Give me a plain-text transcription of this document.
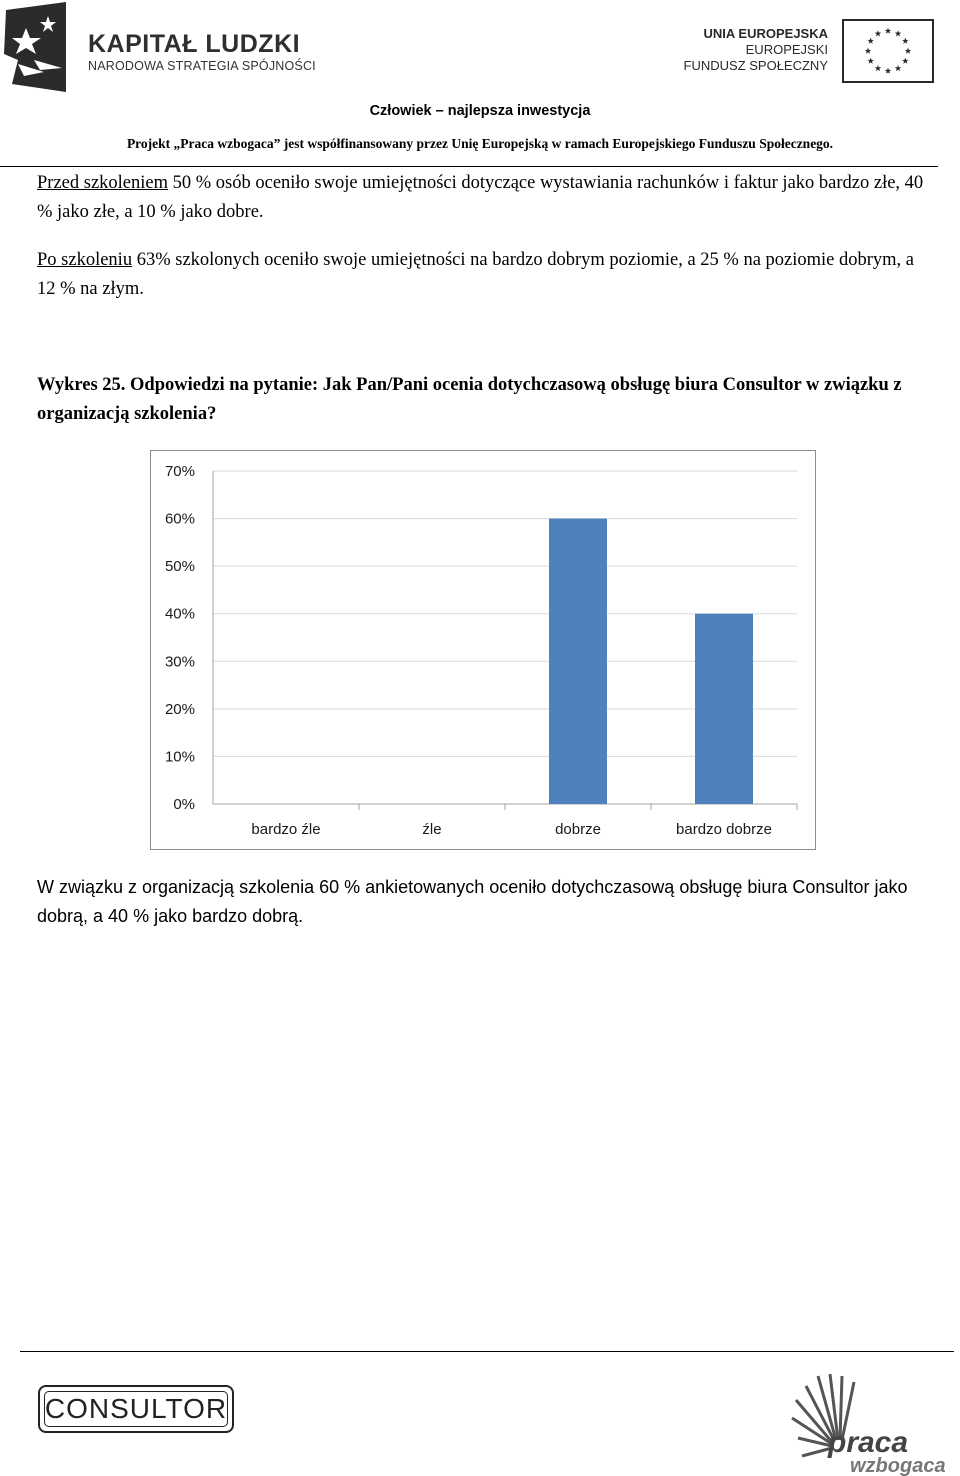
KAPITAŁ LUDZKI
NARODOWA STRATEGIA SPÓJNOŚCI
UNIA EUROPEJSKA
EUROPEJSKI
FUNDUSZ SPOŁECZNY
Człowiek – najlepsza inwestycja
Projekt „Praca wzbogaca” jest współfinansowany przez Unię Europejską w ramach Europejskiego Funduszu Społecznego.

Przed szkoleniem 50 % osób oceniło swoje umiejętności dotyczące wystawiania rachunków i faktur jako bardzo złe, 40 % jako złe, a 10 % jako dobre.

Po szkoleniu 63% szkolonych oceniło swoje umiejętności na bardzo dobrym poziomie, a 25 % na poziomie dobrym, a 12 % na złym.

Wykres 25. Odpowiedzi na pytanie: Jak Pan/Pani ocenia dotychczasową obsługę biura Consultor w związku z organizacją szkolenia?

0%
10%
20%
30%
40%
50%
60%
70%
bardzo źle	źle	dobrze	bardzo dobrze

W związku z organizacją szkolenia 60 % ankietowanych oceniło dotychczasową obsługę biura Consultor jako dobrą, a 40 % jako bardzo dobrą.

CONSULTOR
praca
wzbogaca
